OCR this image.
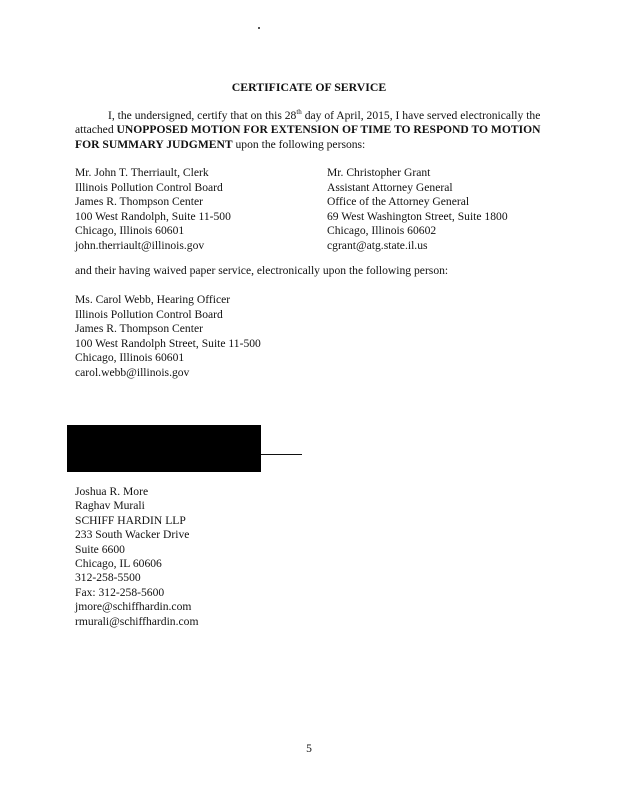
CERTIFICATE OF SERVICE
I, the undersigned, certify that on this 28th day of April, 2015, I have served electronically the attached UNOPPOSED MOTION FOR EXTENSION OF TIME TO RESPOND TO MOTION FOR SUMMARY JUDGMENT upon the following persons:
Mr. John T. Therriault, Clerk
Illinois Pollution Control Board
James R. Thompson Center
100 West Randolph, Suite 11-500
Chicago, Illinois 60601
john.therriault@illinois.gov
Mr. Christopher Grant
Assistant Attorney General
Office of the Attorney General
69 West Washington Street, Suite 1800
Chicago, Illinois 60602
cgrant@atg.state.il.us
and their having waived paper service, electronically upon the following person:
Ms. Carol Webb, Hearing Officer
Illinois Pollution Control Board
James R. Thompson Center
100 West Randolph Street, Suite 11-500
Chicago, Illinois 60601
carol.webb@illinois.gov
Joshua R. More
Raghav Murali
SCHIFF HARDIN LLP
233 South Wacker Drive
Suite 6600
Chicago, IL 60606
312-258-5500
Fax: 312-258-5600
jmore@schiffhardin.com
rmurali@schiffhardin.com
5
